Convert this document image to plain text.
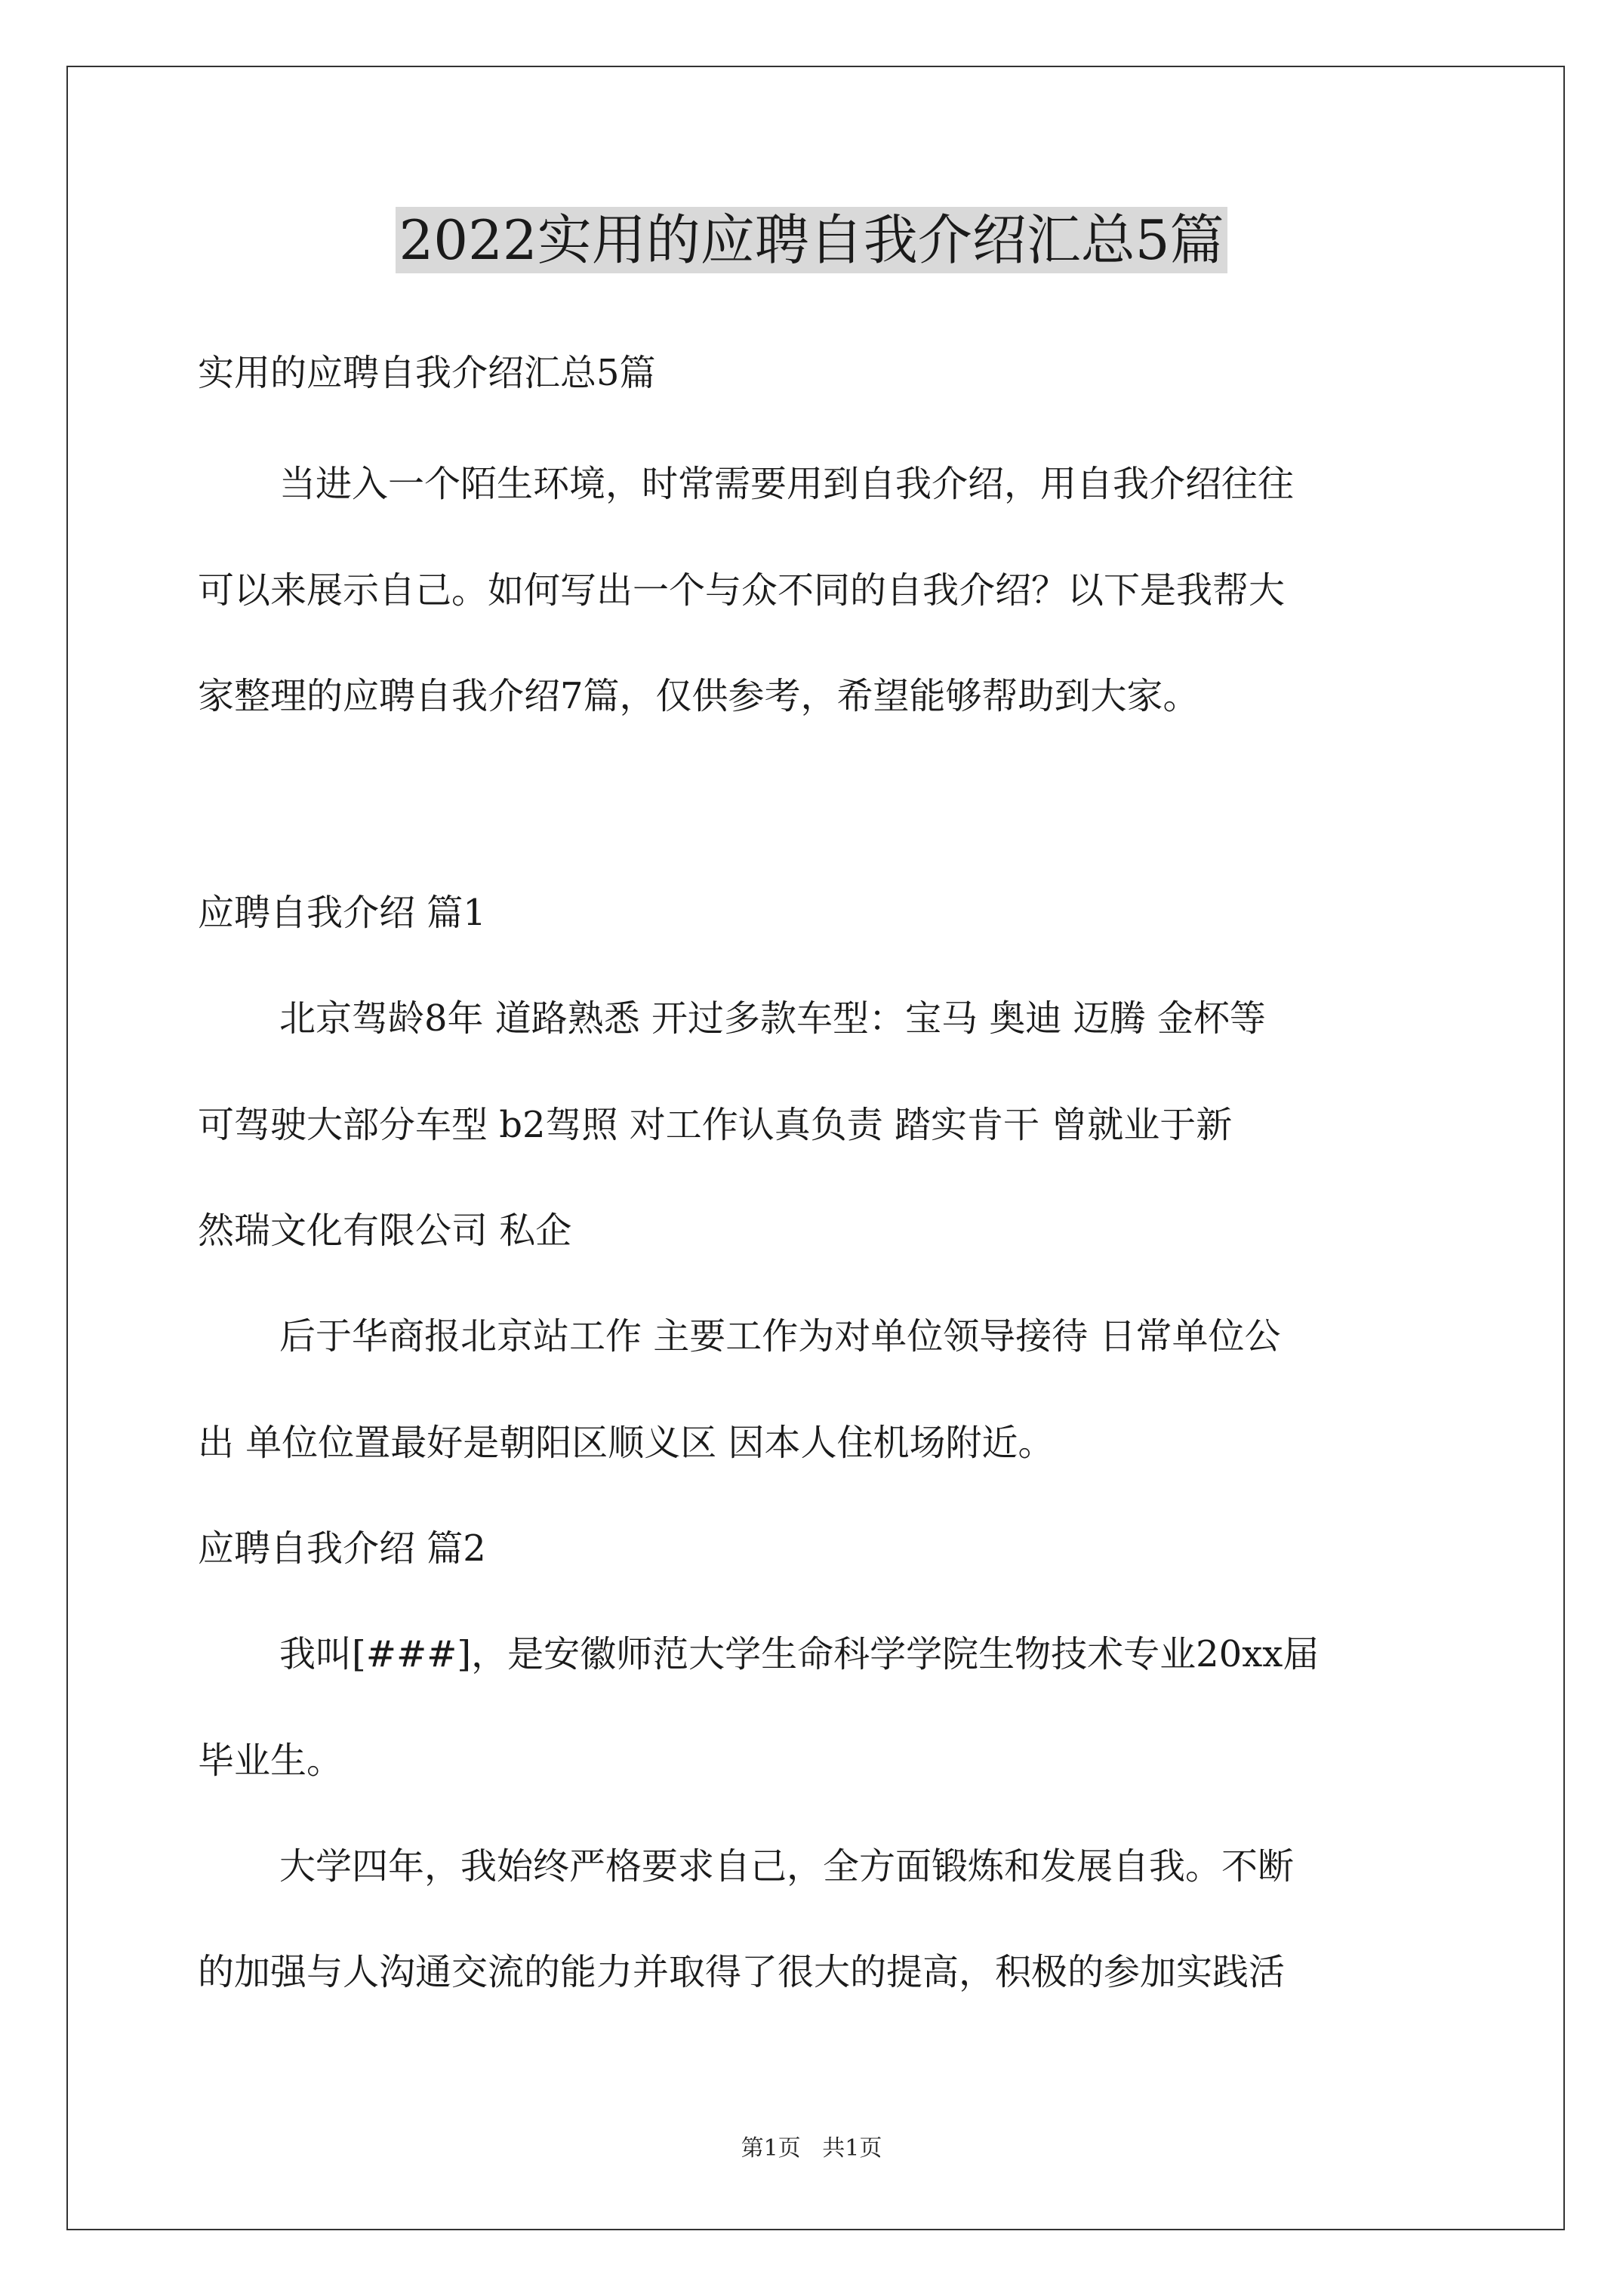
2022实用的应聘自我介绍汇总5篇

实用的应聘自我介绍汇总5篇

当进入一个陌生环境，时常需要用到自我介绍，用自我介绍往往

可以来展示自己。如何写出一个与众不同的自我介绍？以下是我帮大

家整理的应聘自我介绍7篇，仅供参考，希望能够帮助到大家。

应聘自我介绍 篇1

北京驾龄8年 道路熟悉 开过多款车型：宝马 奥迪 迈腾 金杯等

可驾驶大部分车型 b2驾照 对工作认真负责 踏实肯干 曾就业于新

然瑞文化有限公司 私企

后于华商报北京站工作 主要工作为对单位领导接待 日常单位公

出 单位位置最好是朝阳区顺义区 因本人住机场附近。

应聘自我介绍 篇2

我叫[###]，是安徽师范大学生命科学学院生物技术专业20xx届

毕业生。

大学四年，我始终严格要求自己，全方面锻炼和发展自我。不断

的加强与人沟通交流的能力并取得了很大的提高，积极的参加实践活

第1页   共1页
